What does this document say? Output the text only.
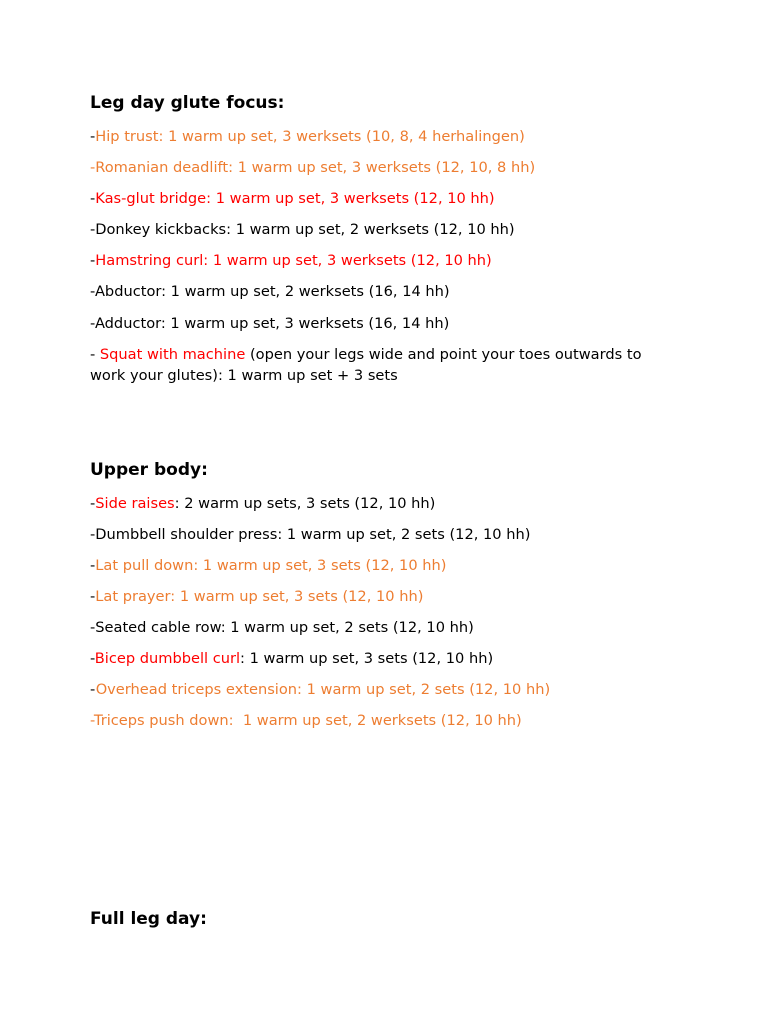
Leg day glute focus:

-Hip trust: 1 warm up set, 3 werksets (10, 8, 4 herhalingen)

-Romanian deadlift: 1 warm up set, 3 werksets (12, 10, 8 hh)

-Kas-glut bridge: 1 warm up set, 3 werksets (12, 10 hh)

-Donkey kickbacks: 1 warm up set, 2 werksets (12, 10 hh)

-Hamstring curl: 1 warm up set, 3 werksets (12, 10 hh)

-Abductor: 1 warm up set, 2 werksets (16, 14 hh)

-Adductor: 1 warm up set, 3 werksets (16, 14 hh)

- Squat with machine (open your legs wide and point your toes outwards to work your glutes): 1 warm up set + 3 sets

Upper body:

-Side raises: 2 warm up sets, 3 sets (12, 10 hh)

-Dumbbell shoulder press: 1 warm up set, 2 sets (12, 10 hh)

-Lat pull down: 1 warm up set, 3 sets (12, 10 hh)

-Lat prayer: 1 warm up set, 3 sets (12, 10 hh)

-Seated cable row: 1 warm up set, 2 sets (12, 10 hh)

-Bicep dumbbell curl: 1 warm up set, 3 sets (12, 10 hh)

-Overhead triceps extension: 1 warm up set, 2 sets (12, 10 hh)

-Triceps push down:  1 warm up set, 2 werksets (12, 10 hh)

Full leg day:
